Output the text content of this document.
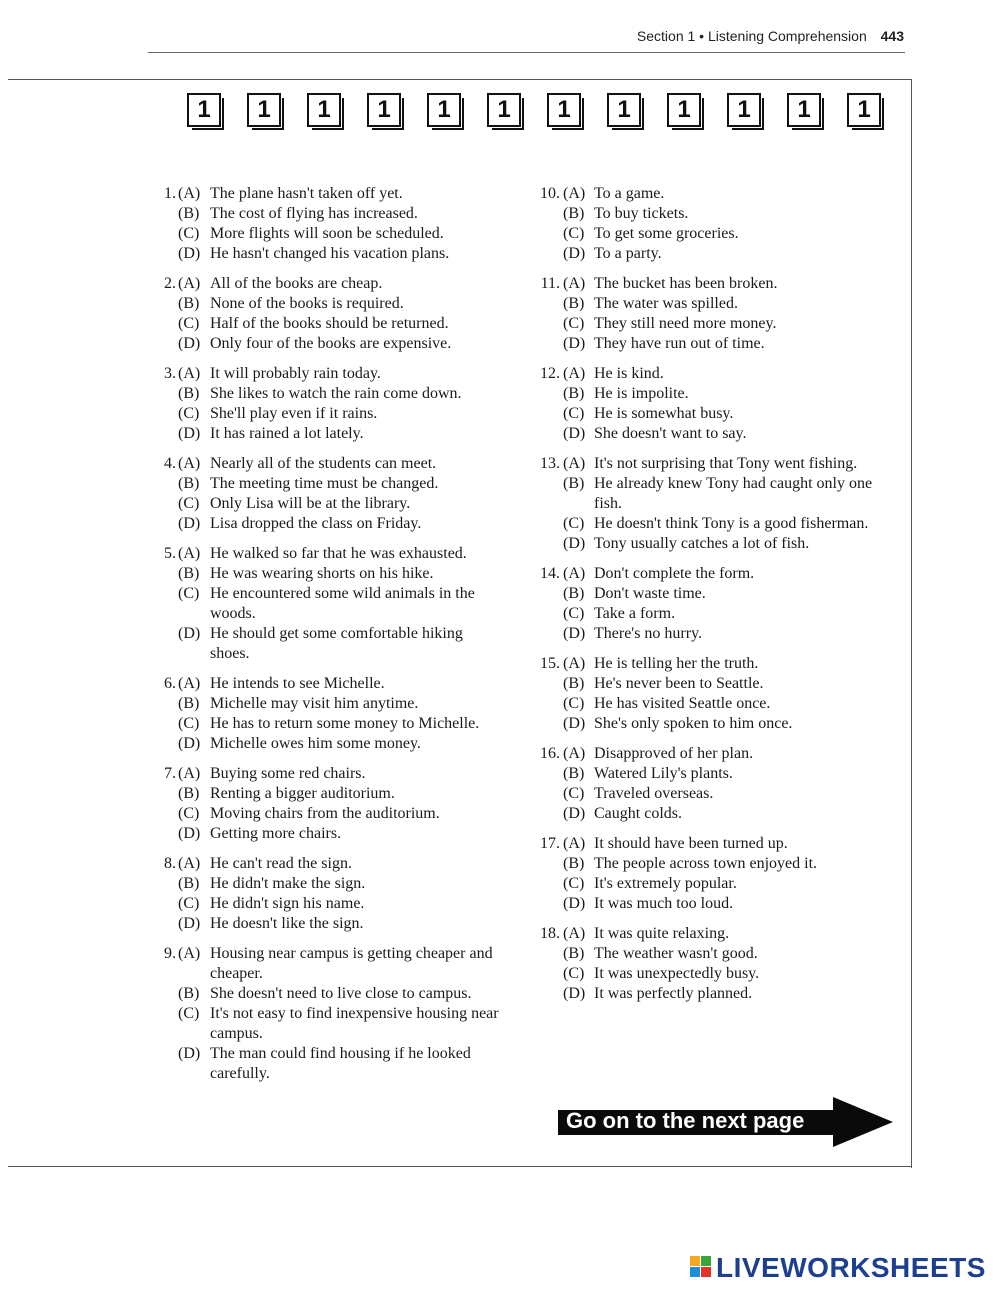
Section 1 • Listening Comprehension 443
1	1	1	1	1	1	1	1	1	1	1	1
1. (A) The plane hasn't taken off yet.
(B) The cost of flying has increased.
(C) More flights will soon be scheduled.
(D) He hasn't changed his vacation plans.
2. (A) All of the books are cheap.
(B) None of the books is required.
(C) Half of the books should be returned.
(D) Only four of the books are expensive.
3. (A) It will probably rain today.
(B) She likes to watch the rain come down.
(C) She'll play even if it rains.
(D) It has rained a lot lately.
4. (A) Nearly all of the students can meet.
(B) The meeting time must be changed.
(C) Only Lisa will be at the library.
(D) Lisa dropped the class on Friday.
5. (A) He walked so far that he was exhausted.
(B) He was wearing shorts on his hike.
(C) He encountered some wild animals in the woods.
(D) He should get some comfortable hiking shoes.
6. (A) He intends to see Michelle.
(B) Michelle may visit him anytime.
(C) He has to return some money to Michelle.
(D) Michelle owes him some money.
7. (A) Buying some red chairs.
(B) Renting a bigger auditorium.
(C) Moving chairs from the auditorium.
(D) Getting more chairs.
8. (A) He can't read the sign.
(B) He didn't make the sign.
(C) He didn't sign his name.
(D) He doesn't like the sign.
9. (A) Housing near campus is getting cheaper and cheaper.
(B) She doesn't need to live close to campus.
(C) It's not easy to find inexpensive housing near campus.
(D) The man could find housing if he looked carefully.
10. (A) To a game.
(B) To buy tickets.
(C) To get some groceries.
(D) To a party.
11. (A) The bucket has been broken.
(B) The water was spilled.
(C) They still need more money.
(D) They have run out of time.
12. (A) He is kind.
(B) He is impolite.
(C) He is somewhat busy.
(D) She doesn't want to say.
13. (A) It's not surprising that Tony went fishing.
(B) He already knew Tony had caught only one fish.
(C) He doesn't think Tony is a good fisherman.
(D) Tony usually catches a lot of fish.
14. (A) Don't complete the form.
(B) Don't waste time.
(C) Take a form.
(D) There's no hurry.
15. (A) He is telling her the truth.
(B) He's never been to Seattle.
(C) He has visited Seattle once.
(D) She's only spoken to him once.
16. (A) Disapproved of her plan.
(B) Watered Lily's plants.
(C) Traveled overseas.
(D) Caught colds.
17. (A) It should have been turned up.
(B) The people across town enjoyed it.
(C) It's extremely popular.
(D) It was much too loud.
18. (A) It was quite relaxing.
(B) The weather wasn't good.
(C) It was unexpectedly busy.
(D) It was perfectly planned.
Go on to the next page
LIVEWORKSHEETS
